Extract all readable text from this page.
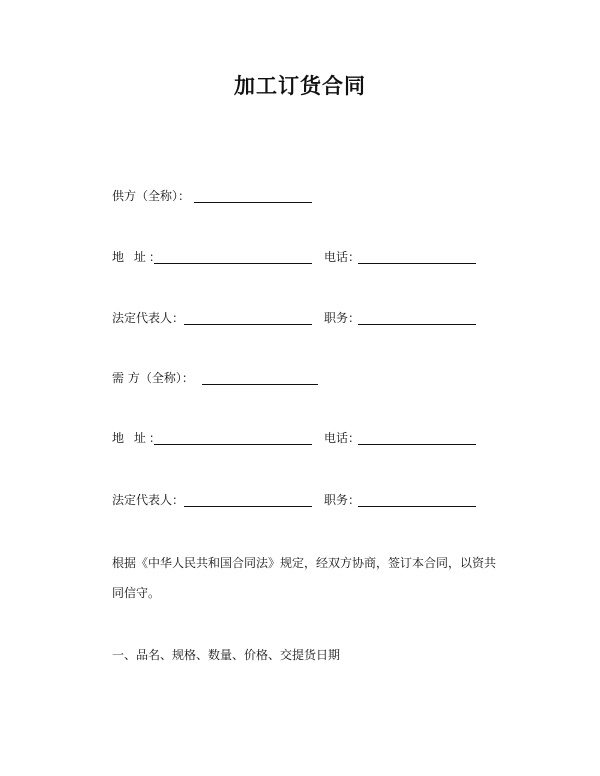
加工订货合同
供方（全称）：
地 址：	电话：
法定代表人：	职务：
需 方（全称）：
地 址：	电话：
法定代表人：	职务：

根据《中华人民共和国合同法》规定，经双方协商，签订本合同，以资共同信守。

一、品名、规格、数量、价格、交提货日期
